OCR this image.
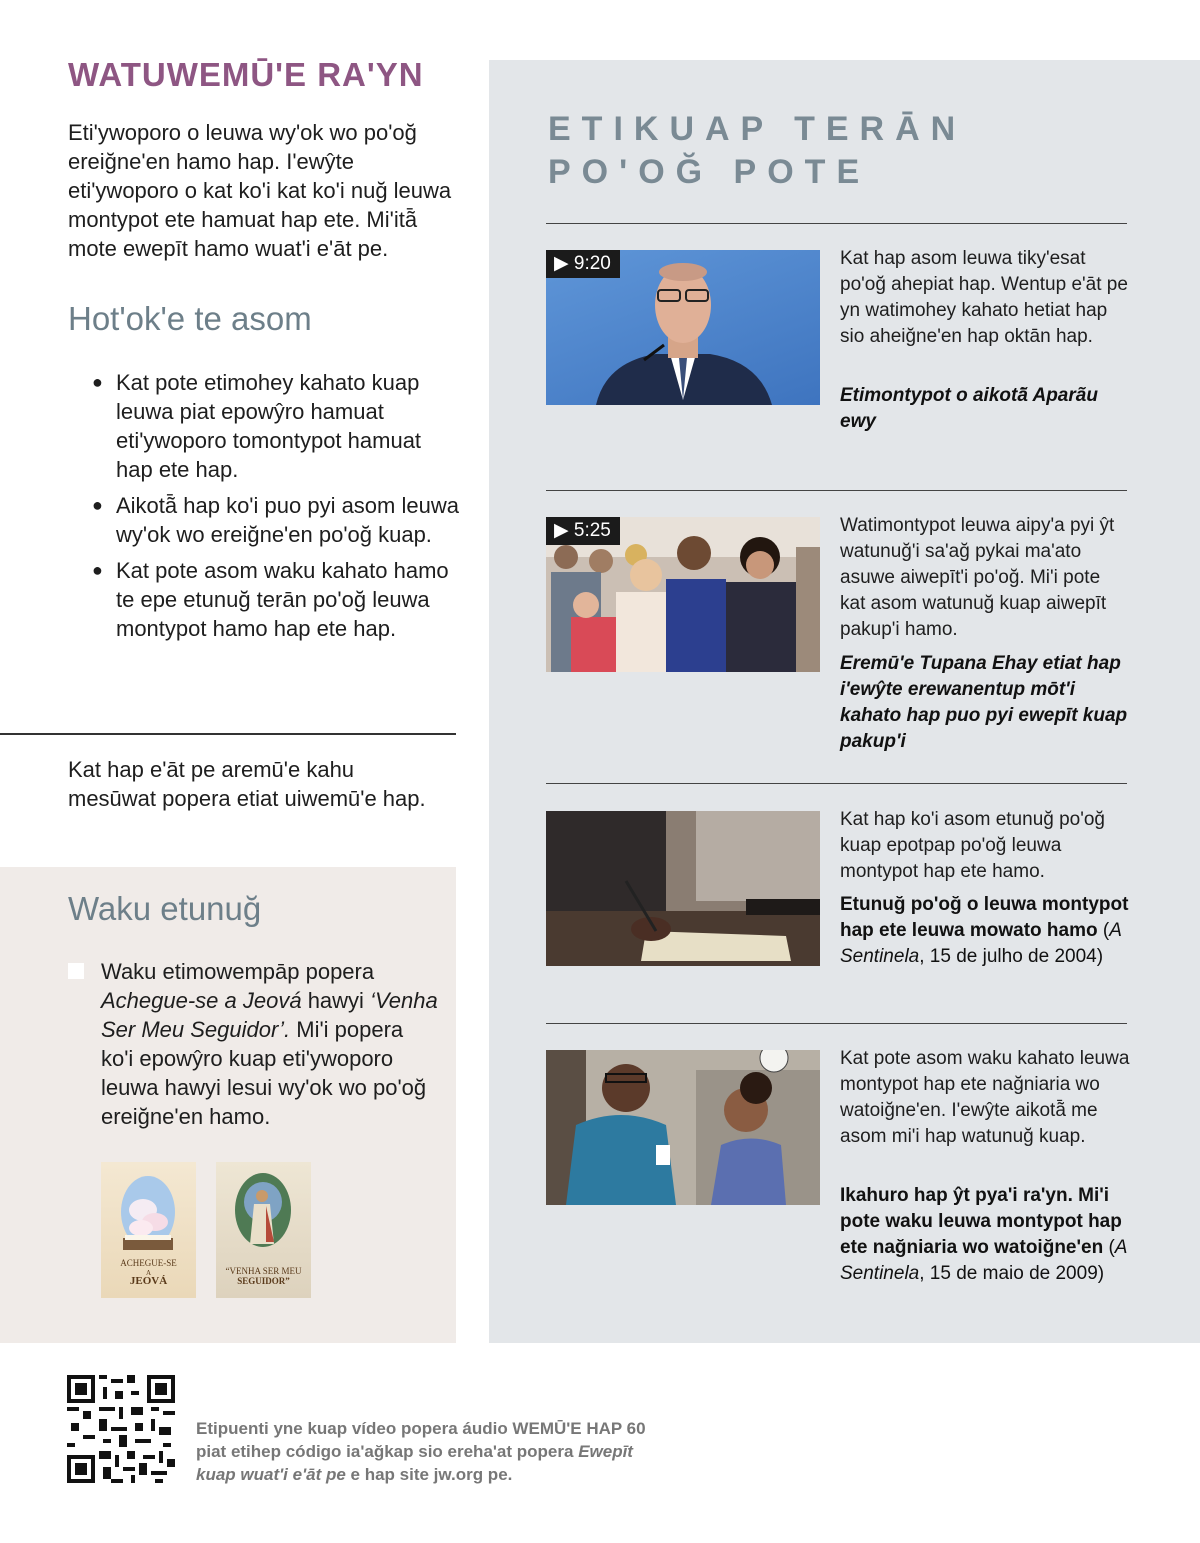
WATUWEMŪ'E RA'YN

Eti'ywoporo o leuwa wy'ok wo po'oğ ereiğne'en hamo hap. I'ewŷte eti'ywoporo o kat ko'i kat ko'i nuğ leuwa montypot ete hamuat hap ete. Mi'itã̄ mote ewepīt hamo wuat'i e'āt pe.

Hot'ok'e te asom
● Kat pote etimohey kahato kuap leuwa piat epowŷro hamuat eti'ywoporo tomontypot hamuat hap ete hap.
● Aikotã̄ hap ko'i puo pyi asom leuwa wy'ok wo ereiğne'en po'oğ kuap.
● Kat pote asom waku kahato hamo te epe etunuğ terān po'oğ leuwa montypot hamo hap ete hap.

Kat hap e'āt pe aremū'e kahu mesūwat popera etiat uiwemū'e hap.

Waku etunuğ

Waku etimowempāp popera Achegue-se a Jeová hawyi ‘Venha Ser Meu Seguidor’. Mi'i popera ko'i epowŷro kuap eti'ywoporo leuwa hawyi lesui wy'ok wo po'oğ ereiğne'en hamo.

ACHEGUE-SE
A
JEOVÁ
“VENHA SER MEU
SEGUIDOR”
ETIKUAP TERĀN
PO'OĞ POTE
▶ 9:20	Kat hap asom leuwa tiky'esat po'oğ ahepiat hap. Wentup e'āt pe yn watimohey kahato hetiat hap sio aheiğne'en hap oktān hap.

Etimontypot o aikotã̄ Aparãu ewy

▶ 5:25	Watimontypot leuwa aipy'a pyi ŷt watunuğ'i sa'ağ pykai ma'ato asuwe aiwepīt'i po'oğ. Mi'i pote kat asom watunuğ kuap aiwepīt pakup'i hamo.

Eremū'e Tupana Ehay etiat hap i'ewŷte erewanentup mōt'i kahato hap puo pyi ewepīt kuap pakup'i

Kat hap ko'i asom etunuğ po'oğ kuap epotpap po'oğ leuwa montypot hap ete hamo.

Etunuğ po'oğ o leuwa montypot hap ete leuwa mowato hamo (A Sentinela, 15 de julho de 2004)

Kat pote asom waku kahato leuwa montypot hap ete nağniaria wo watoiğne'en. I'ewŷte aikotã̄ me asom mi'i hap watunuğ kuap.

Ikahuro hap ŷt pya'i ra'yn. Mi'i pote waku leuwa montypot hap ete nağniaria wo watoiğne'en (A Sentinela, 15 de maio de 2009)

Etipuenti yne kuap vídeo popera áudio WEMŪ'E HAP 60 piat etihep código ia'ağkap sio ereha'at popera Ewepīt kuap wuat'i e'āt pe e hap site jw.org pe.
